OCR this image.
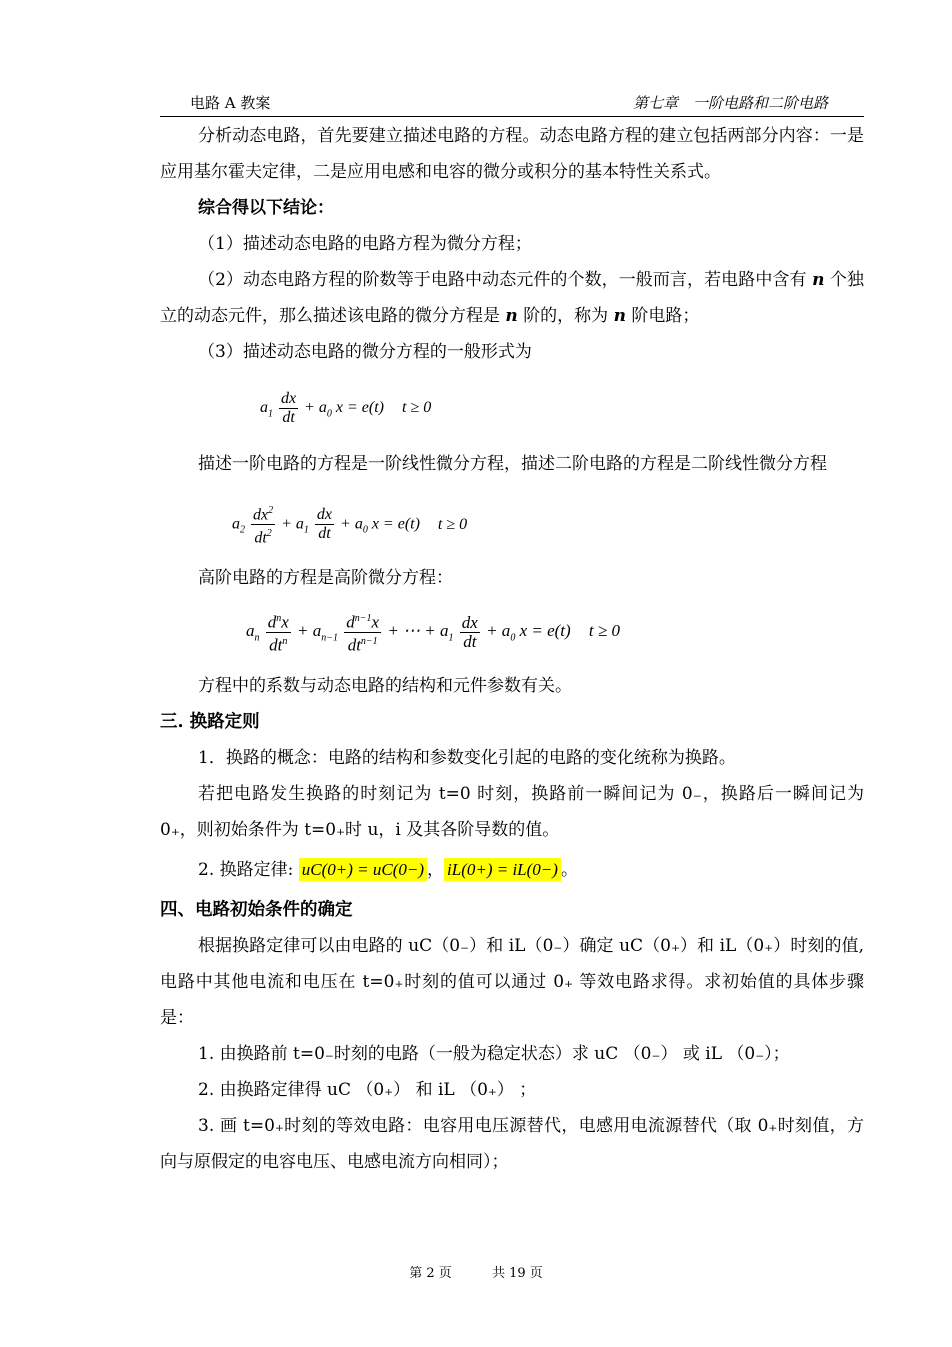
电路 A 教案	第七章　一阶电路和二阶电路

分析动态电路，首先要建立描述电路的方程。动态电路方程的建立包括两部分内容：一是应用基尔霍夫定律，二是应用电感和电容的微分或积分的基本特性关系式。

综合得以下结论：

（1）描述动态电路的电路方程为微分方程；

（2）动态电路方程的阶数等于电路中动态元件的个数，一般而言，若电路中含有 n 个独立的动态元件，那么描述该电路的微分方程是 n 阶的，称为 n 阶电路；

（3）描述动态电路的微分方程的一般形式为

$a_1 \frac{dx}{dt} + a_0$ x = e(t) t ≥ 0

描述一阶电路的方程是一阶线性微分方程，描述二阶电路的方程是二阶线性微分方程

$a_2 \frac{dx^2}{dt^2} + a_1 \frac{dx}{dt} + a_0$ x = e(t) t ≥ 0

高阶电路的方程是高阶微分方程：

$a_n \frac{d^nx}{dt^n} + a_{n-1} \frac{d^{n-1}x}{dt^{n-1}}$ + ⋯ + $a_1 \frac{dx}{dt} + a_0$ x = e(t) t ≥ 0

方程中的系数与动态电路的结构和元件参数有关。

三. 换路定则

1．换路的概念：电路的结构和参数变化引起的电路的变化统称为换路。

若把电路发生换路的时刻记为 t=0 时刻，换路前一瞬间记为 0₋，换路后一瞬间记为 0₊，则初始条件为 t=0₊时 u，i 及其各阶导数的值。

2. 换路定律: uC(0+) = uC(0−) ， iL(0+) = iL(0−) 。

四、电路初始条件的确定

根据换路定律可以由电路的 uC（0₋）和 iL（0₋）确定 uC（0₊）和 iL（0₊）时刻的值,电路中其他电流和电压在 t=0₊时刻的值可以通过 0₊ 等效电路求得。求初始值的具体步骤是：

1. 由换路前 t=0₋时刻的电路（一般为稳定状态）求 uC （0₋） 或 iL （0₋）；

2. 由换路定律得 uC （0₊） 和 iL （0₊） ；

3. 画 t=0₊时刻的等效电路：电容用电压源替代，电感用电流源替代（取 0₊时刻值，方向与原假定的电容电压、电感电流方向相同）；

第 2 页	共 19 页
